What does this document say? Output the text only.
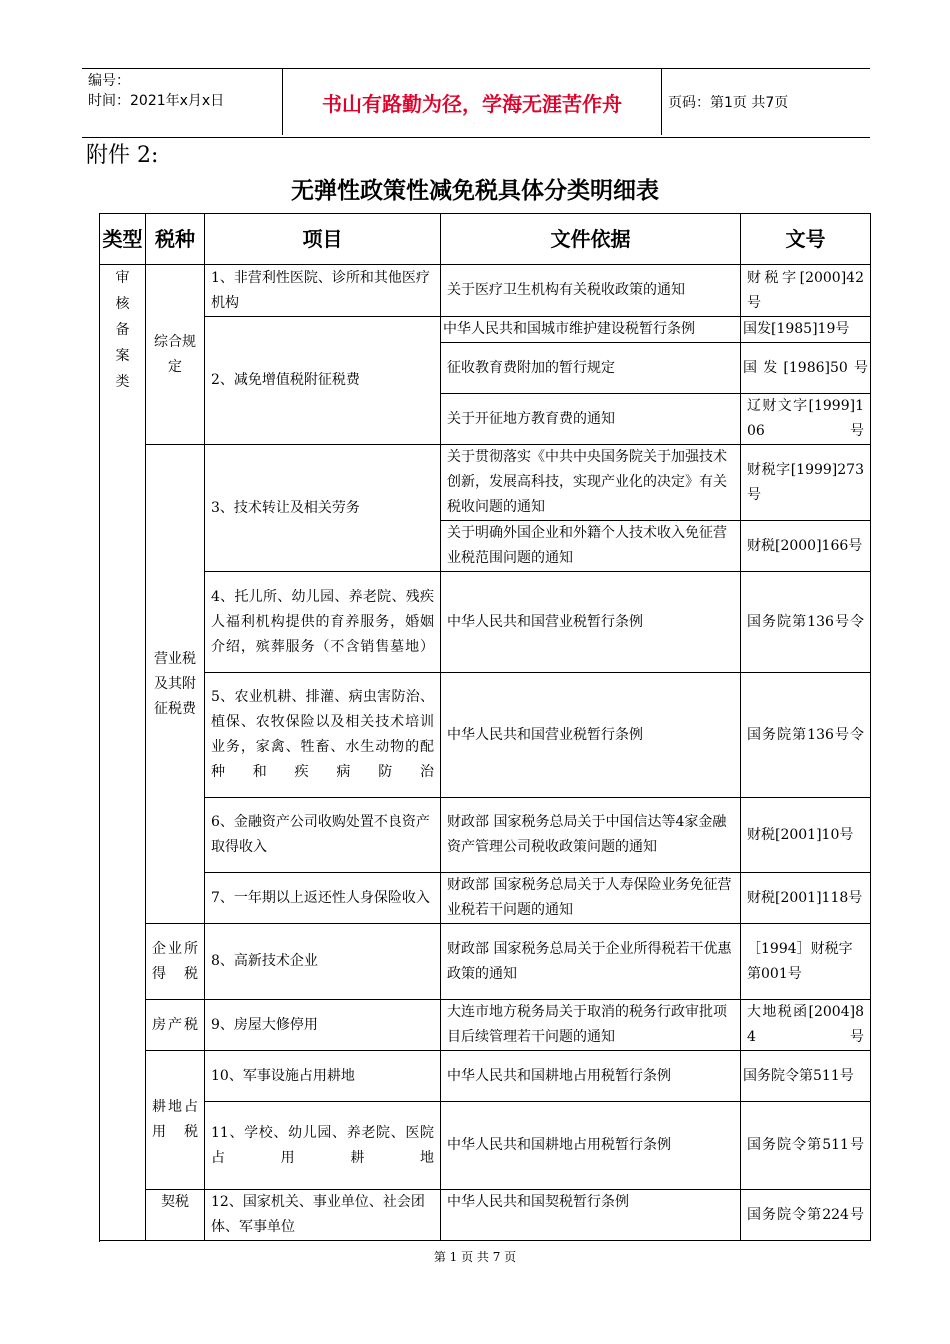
编号：
时间：2021年x月x日	书山有路勤为径，学海无涯苦作舟	页码：第1页 共7页
附件 2:
无弹性政策性减免税具体分类明细表
类型	税种	项目	文件依据	文号
审核备案类	综合规定	1、非营利性医院、诊所和其他医疗机构	关于医疗卫生机构有关税收政策的通知	财税字[2000]42号
		2、减免增值税附征税费	中华人民共和国城市维护建设税暂行条例	国发[1985]19号
			征收教育费附加的暂行规定	国发[1986]50号
			关于开征地方教育费的通知	辽财文字[1999]106号
	营业税及其附征税费	3、技术转让及相关劳务	关于贯彻落实《中共中央国务院关于加强技术创新，发展高科技，实现产业化的决定》有关税收问题的通知	财税字[1999]273号
			关于明确外国企业和外籍个人技术收入免征营业税范围问题的通知	财税[2000]166号
		4、托儿所、幼儿园、养老院、残疾人福利机构提供的育养服务，婚姻介绍，殡葬服务（不含销售墓地）	中华人民共和国营业税暂行条例	国务院第136号令
		5、农业机耕、排灌、病虫害防治、植保、农牧保险以及相关技术培训业务，家禽、牲畜、水生动物的配种和疾病防治	中华人民共和国营业税暂行条例	国务院第136号令
		6、金融资产公司收购处置不良资产取得收入	财政部 国家税务总局关于中国信达等4家金融资产管理公司税收政策问题的通知	财税[2001]10号
		7、一年期以上返还性人身保险收入	财政部 国家税务总局关于人寿保险业务免征营业税若干问题的通知	财税[2001]118号

	企业所得税	8、高新技术企业	财政部 国家税务总局关于企业所得税若干优惠政策的通知	［1994］财税字第001号
	房产税	9、房屋大修停用	大连市地方税务局关于取消的税务行政审批项目后续管理若干问题的通知	大地税函[2004]84号
	耕地占用税	10、军事设施占用耕地	中华人民共和国耕地占用税暂行条例	国务院令第511号
		11、学校、幼儿园、养老院、医院占用耕地	中华人民共和国耕地占用税暂行条例	国务院令第511号
	契税	12、国家机关、事业单位、社会团体、军事单位	中华人民共和国契税暂行条例	国务院令第224号

第 1 页 共 7 页
